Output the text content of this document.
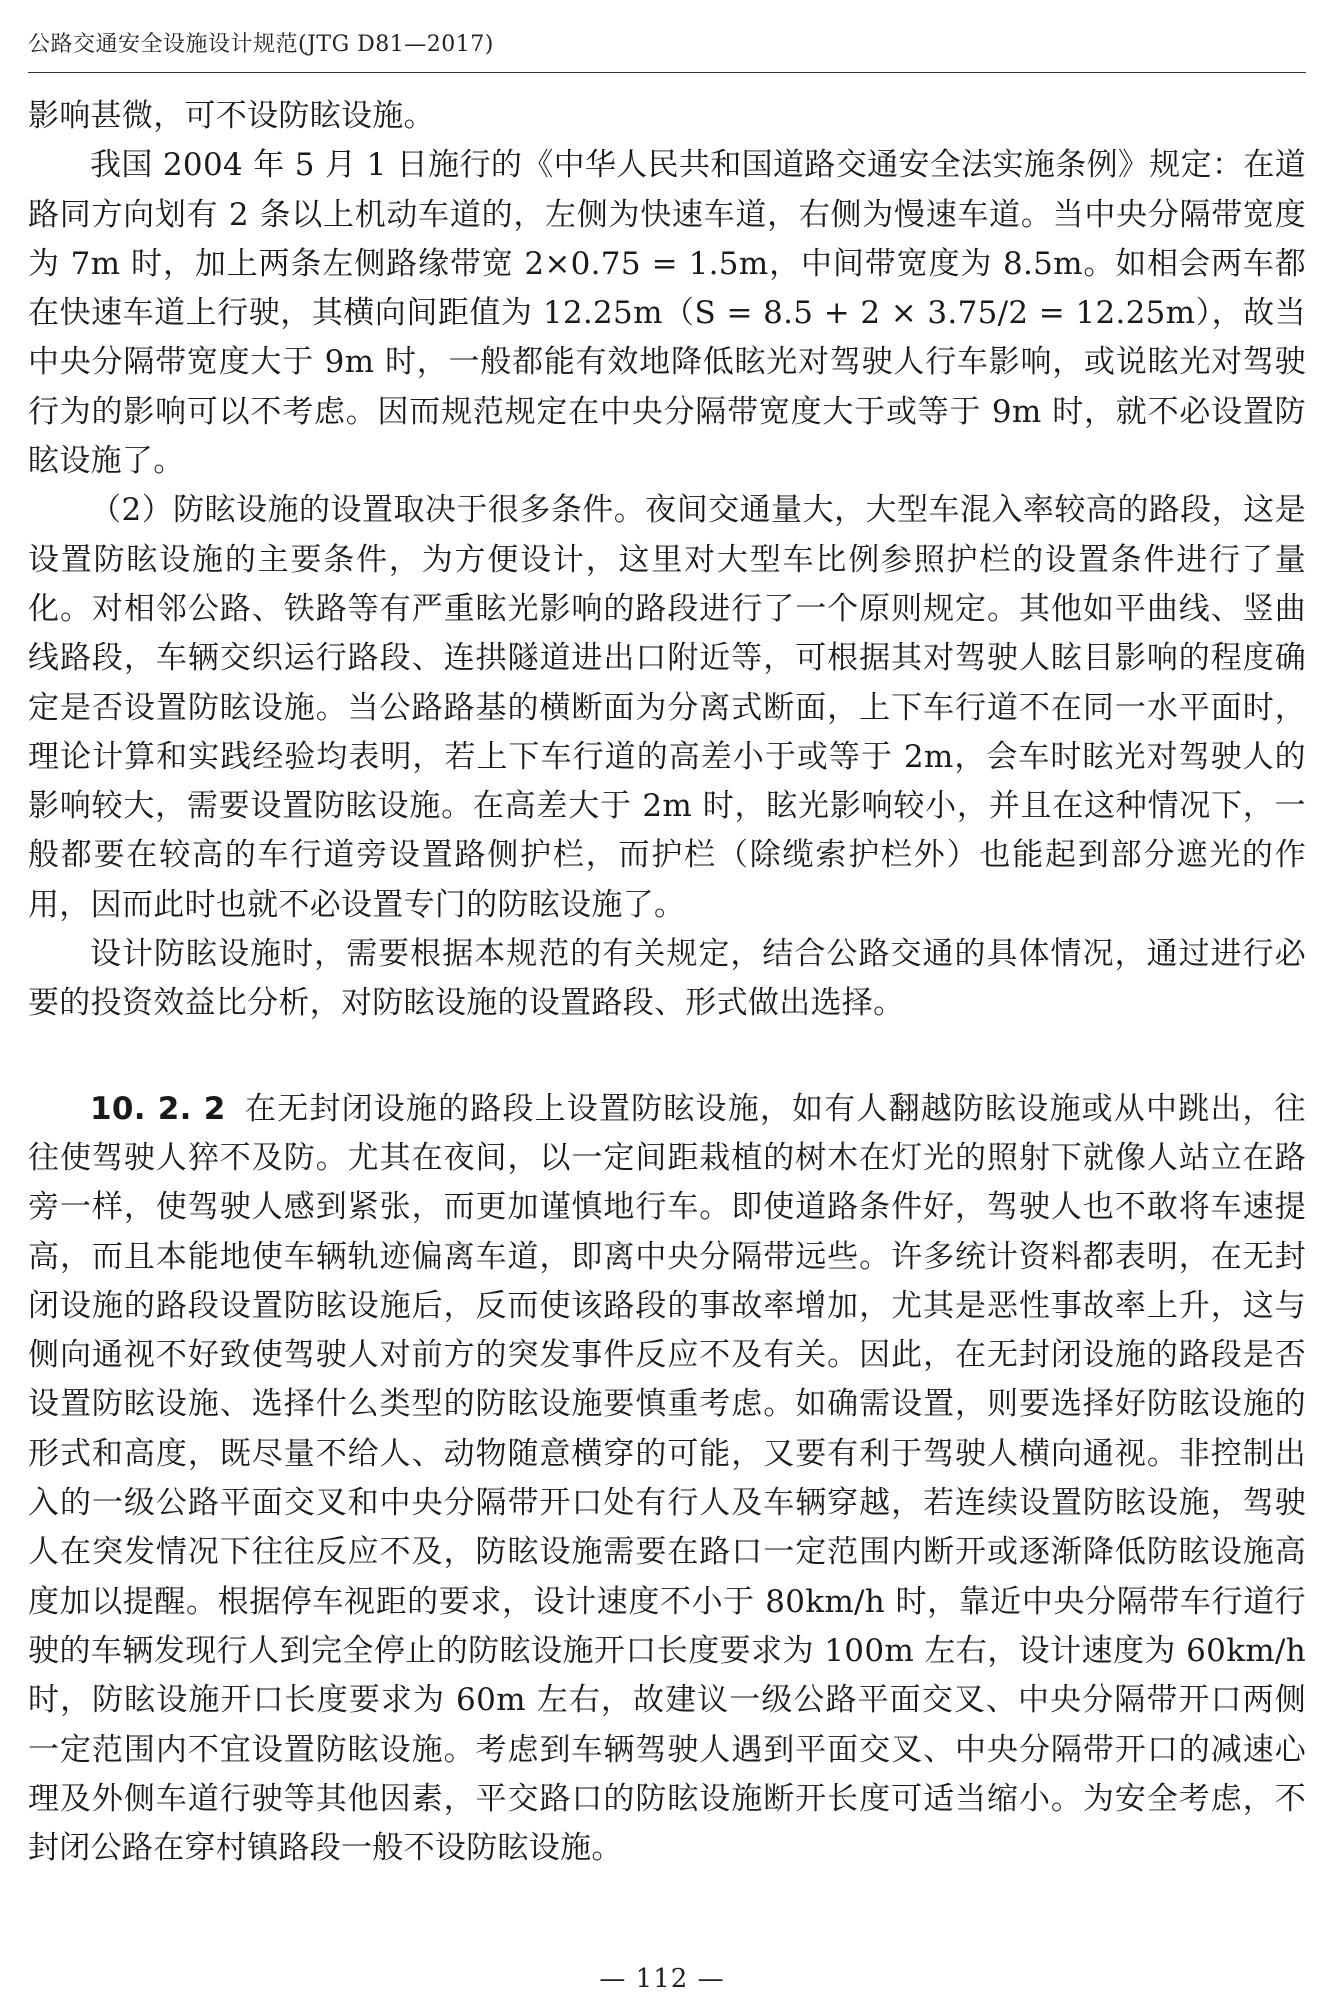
公路交通安全设施设计规范(JTG D81—2017)

影响甚微，可不设防眩设施。

我国 2004 年 5 月 1 日施行的《中华人民共和国道路交通安全法实施条例》规定：在道路同方向划有 2 条以上机动车道的，左侧为快速车道，右侧为慢速车道。当中央分隔带宽度为 7m 时，加上两条左侧路缘带宽 2×0.75 = 1.5m，中间带宽度为 8.5m。如相会两车都在快速车道上行驶，其横向间距值为 12.25m（S = 8.5 + 2 × 3.75/2 = 12.25m），故当中央分隔带宽度大于 9m 时，一般都能有效地降低眩光对驾驶人行车影响，或说眩光对驾驶行为的影响可以不考虑。因而规范规定在中央分隔带宽度大于或等于 9m 时，就不必设置防眩设施了。

（2）防眩设施的设置取决于很多条件。夜间交通量大，大型车混入率较高的路段，这是设置防眩设施的主要条件，为方便设计，这里对大型车比例参照护栏的设置条件进行了量化。对相邻公路、铁路等有严重眩光影响的路段进行了一个原则规定。其他如平曲线、竖曲线路段，车辆交织运行路段、连拱隧道进出口附近等，可根据其对驾驶人眩目影响的程度确定是否设置防眩设施。当公路路基的横断面为分离式断面，上下车行道不在同一水平面时，理论计算和实践经验均表明，若上下车行道的高差小于或等于 2m，会车时眩光对驾驶人的影响较大，需要设置防眩设施。在高差大于 2m 时，眩光影响较小，并且在这种情况下，一般都要在较高的车行道旁设置路侧护栏，而护栏（除缆索护栏外）也能起到部分遮光的作用，因而此时也就不必设置专门的防眩设施了。

设计防眩设施时，需要根据本规范的有关规定，结合公路交通的具体情况，通过进行必要的投资效益比分析，对防眩设施的设置路段、形式做出选择。

10. 2. 2 在无封闭设施的路段上设置防眩设施，如有人翻越防眩设施或从中跳出，往往使驾驶人猝不及防。尤其在夜间，以一定间距栽植的树木在灯光的照射下就像人站立在路旁一样，使驾驶人感到紧张，而更加谨慎地行车。即使道路条件好，驾驶人也不敢将车速提高，而且本能地使车辆轨迹偏离车道，即离中央分隔带远些。许多统计资料都表明，在无封闭设施的路段设置防眩设施后，反而使该路段的事故率增加，尤其是恶性事故率上升，这与侧向通视不好致使驾驶人对前方的突发事件反应不及有关。因此，在无封闭设施的路段是否设置防眩设施、选择什么类型的防眩设施要慎重考虑。如确需设置，则要选择好防眩设施的形式和高度，既尽量不给人、动物随意横穿的可能，又要有利于驾驶人横向通视。非控制出入的一级公路平面交叉和中央分隔带开口处有行人及车辆穿越，若连续设置防眩设施，驾驶人在突发情况下往往反应不及，防眩设施需要在路口一定范围内断开或逐渐降低防眩设施高度加以提醒。根据停车视距的要求，设计速度不小于 80km/h 时，靠近中央分隔带车行道行驶的车辆发现行人到完全停止的防眩设施开口长度要求为 100m 左右，设计速度为 60km/h 时，防眩设施开口长度要求为 60m 左右，故建议一级公路平面交叉、中央分隔带开口两侧一定范围内不宜设置防眩设施。考虑到车辆驾驶人遇到平面交叉、中央分隔带开口的减速心理及外侧车道行驶等其他因素，平交路口的防眩设施断开长度可适当缩小。为安全考虑，不封闭公路在穿村镇路段一般不设防眩设施。

— 112 —
